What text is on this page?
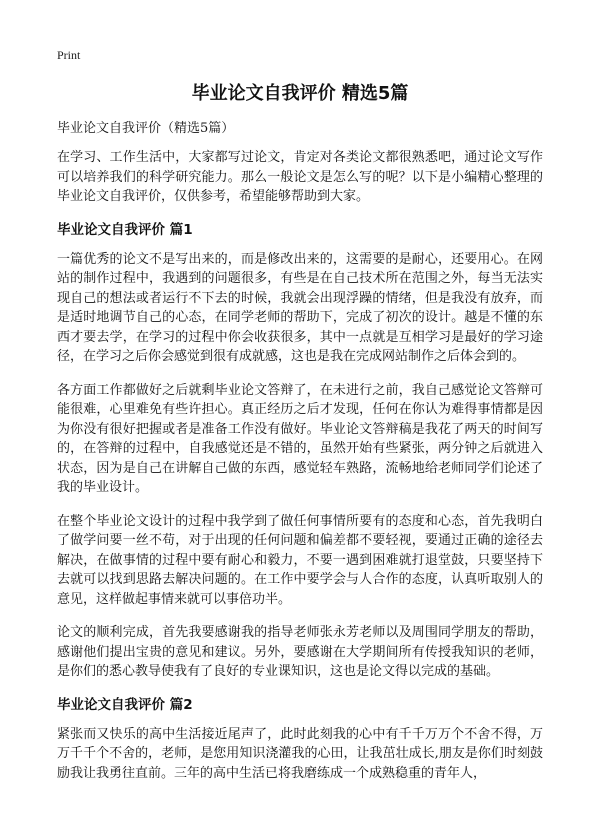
Print
毕业论文自我评价 精选5篇
毕业论文自我评价（精选5篇）

在学习、工作生活中，大家都写过论文，肯定对各类论文都很熟悉吧，通过论文写作可以培养我们的科学研究能力。那么一般论文是怎么写的呢？以下是小编精心整理的毕业论文自我评价，仅供参考，希望能够帮助到大家。

毕业论文自我评价 篇1

一篇优秀的论文不是写出来的，而是修改出来的，这需要的是耐心，还要用心。在网站的制作过程中，我遇到的问题很多，有些是在自己技术所在范围之外，每当无法实现自己的想法或者运行不下去的时候，我就会出现浮躁的情绪，但是我没有放弃，而是适时地调节自己的心态，在同学老师的帮助下，完成了初次的设计。越是不懂的东西才要去学，在学习的过程中你会收获很多，其中一点就是互相学习是最好的学习途径，在学习之后你会感觉到很有成就感，这也是我在完成网站制作之后体会到的。

各方面工作都做好之后就剩毕业论文答辩了，在未进行之前，我自己感觉论文答辩可能很难，心里难免有些许担心。真正经历之后才发现，任何在你认为难得事情都是因为你没有很好把握或者是准备工作没有做好。毕业论文答辩稿是我花了两天的时间写的，在答辩的过程中，自我感觉还是不错的，虽然开始有些紧张，两分钟之后就进入状态，因为是自己在讲解自己做的东西，感觉轻车熟路，流畅地给老师同学们论述了我的毕业设计。

在整个毕业论文设计的过程中我学到了做任何事情所要有的态度和心态，首先我明白了做学问要一丝不苟，对于出现的任何问题和偏差都不要轻视，要通过正确的途径去解决，在做事情的过程中要有耐心和毅力，不要一遇到困难就打退堂鼓，只要坚持下去就可以找到思路去解决问题的。在工作中要学会与人合作的态度，认真听取别人的意见，这样做起事情来就可以事倍功半。

论文的顺利完成，首先我要感谢我的指导老师张永芳老师以及周围同学朋友的帮助，感谢他们提出宝贵的意见和建议。另外，要感谢在大学期间所有传授我知识的老师，是你们的悉心教导使我有了良好的专业课知识，这也是论文得以完成的基础。

毕业论文自我评价 篇2

紧张而又快乐的高中生活接近尾声了，此时此刻我的心中有千千万万个不舍不得，万万千千个不舍的，老师，是您用知识浇灌我的心田，让我茁壮成长,朋友是你们时刻鼓励我让我勇往直前。三年的高中生活已将我磨练成一个成熟稳重的青年人，
